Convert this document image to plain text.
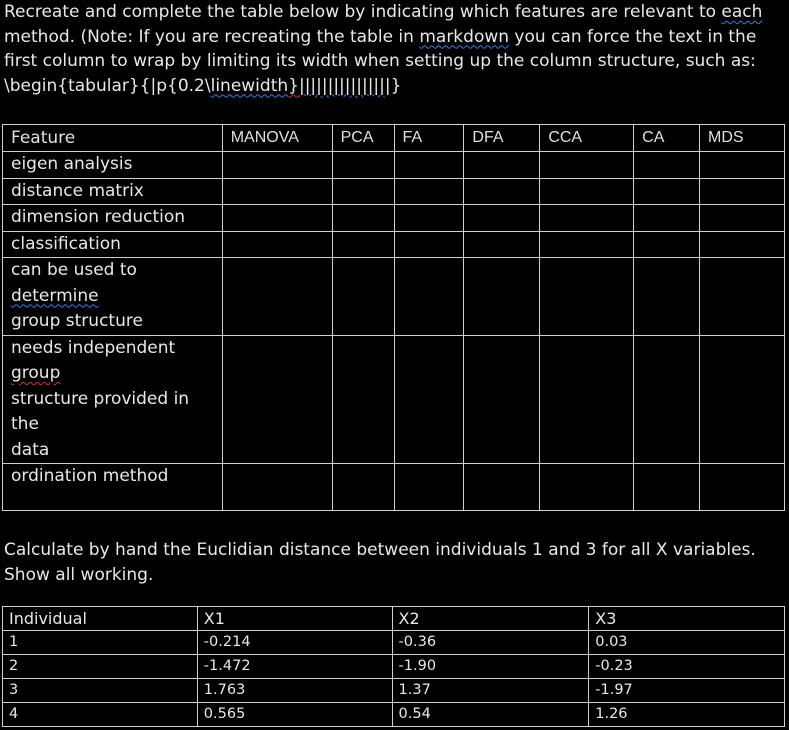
Recreate and complete the table below by indicating which features are relevant to each method. (Note: If you are recreating the table in markdown you can force the text in the first column to wrap by limiting its width when setting up the column structure, such as: \begin{tabular}{|p{0.2\linewidth}||||||||||||||||}
Feature	MANOVA	PCA	FA	DFA	CCA	CA	MDS
eigen analysis							
distance matrix							
dimension reduction							
classification							

can be used to
determine
group structure							

needs independent
group
structure provided in
the
data							

ordination method							
Calculate by hand the Euclidian distance between individuals 1 and 3 for all X variables.
Show all working.
Individual	X1	X2	X3
1	-0.214	-0.36	0.03
2	-1.472	-1.90	-0.23
3	1.763	1.37	-1.97
4	0.565	0.54	1.26
